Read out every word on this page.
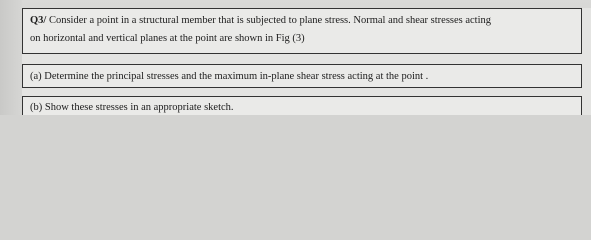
Q3/ Consider a point in a structural member that is subjected to plane stress. Normal and shear stresses acting
on horizontal and vertical planes at the point are shown in Fig (3)
(a) Determine the principal stresses and the maximum in-plane shear stress acting at the point .
(b) Show these stresses in an appropriate sketch.
